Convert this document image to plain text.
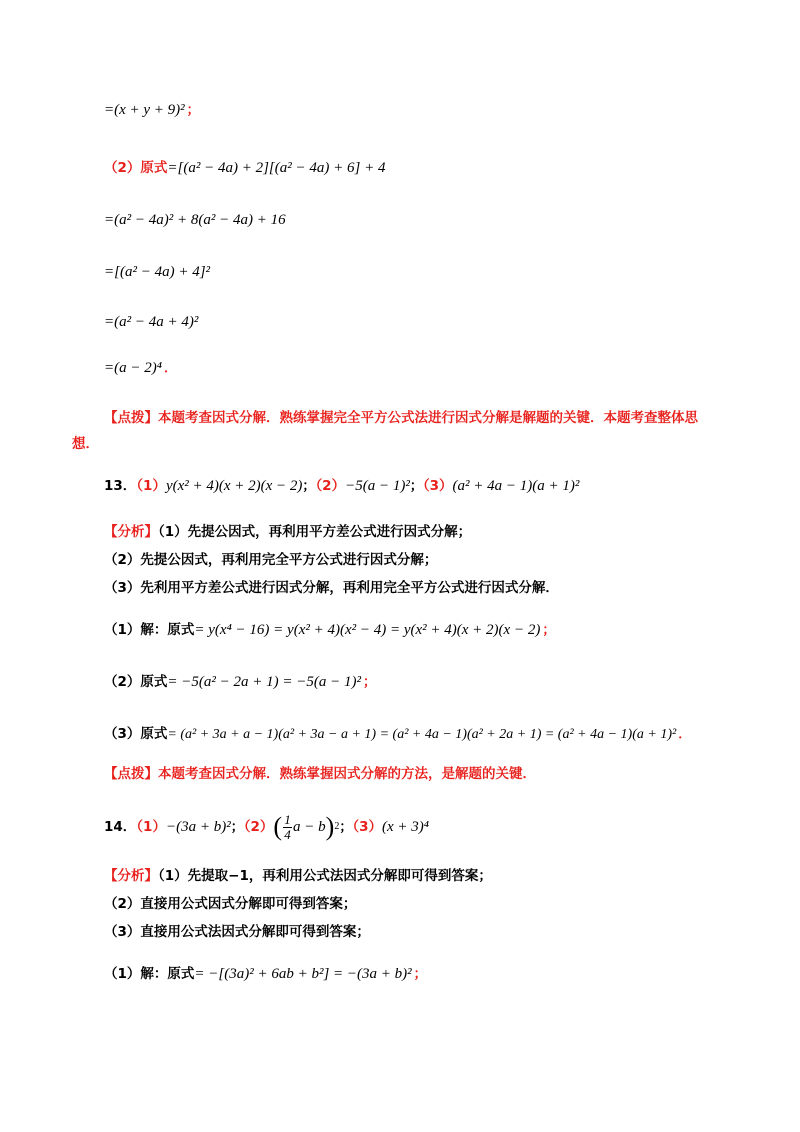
=(x + y + 9)² ；
（2）原式=[(a² − 4a) + 2][(a² − 4a) + 6] + 4
=(a² − 4a)² + 8(a² − 4a) + 16
=[(a² − 4a) + 4]²
=(a² − 4a + 4)²
=(a − 2)⁴ ．
【点拨】本题考查因式分解．熟练掌握完全平方公式法进行因式分解是解题的关键．本题考查整体思
想．
13．（1）y(x² + 4)(x + 2)(x − 2)；（2）−5(a − 1)²；（3）(a² + 4a − 1)(a + 1)²
【分析】（1）先提公因式，再利用平方差公式进行因式分解；
（2）先提公因式，再利用完全平方公式进行因式分解；
（3）先利用平方差公式进行因式分解，再利用完全平方公式进行因式分解．
（1）解：原式= y(x⁴ − 16) = y(x² + 4)(x² − 4) = y(x² + 4)(x + 2)(x − 2) ；
（2）原式= −5(a² − 2a + 1) = −5(a − 1)² ；
（3）原式= (a² + 3a + a − 1)(a² + 3a − a + 1) = (a² + 4a − 1)(a² + 2a + 1) = (a² + 4a − 1)(a + 1)² ．
【点拨】本题考查因式分解．熟练掌握因式分解的方法，是解题的关键．
14．（1）−(3a + b)²；（2） ( 1
4 a − b ) 2 ；（3）(x + 3)⁴
【分析】（1）先提取−1，再利用公式法因式分解即可得到答案；
（2）直接用公式因式分解即可得到答案；
（3）直接用公式法因式分解即可得到答案；
（1）解：原式= −[(3a)² + 6ab + b²] = −(3a + b)² ；
